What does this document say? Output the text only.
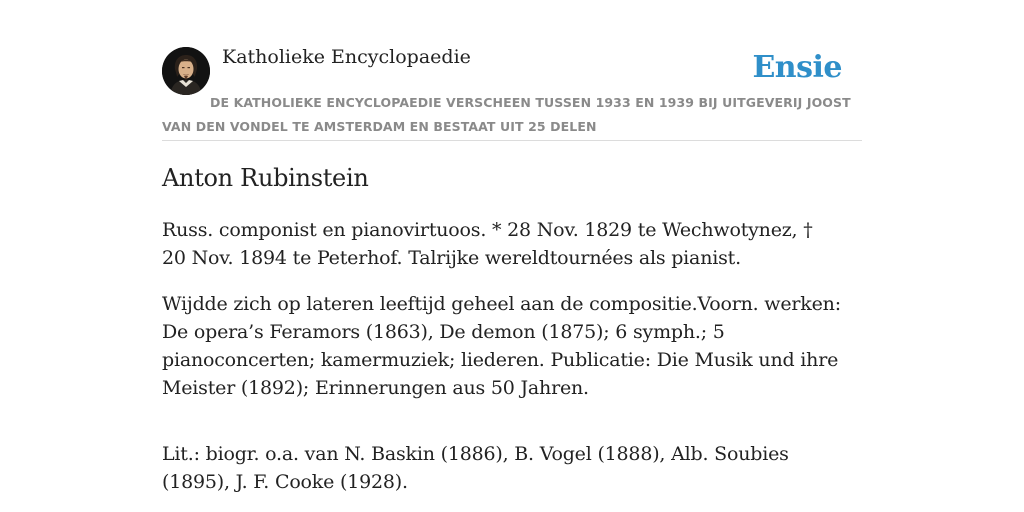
Katholieke Encyclopaedie	Ensie
DE KATHOLIEKE ENCYCLOPAEDIE VERSCHEEN TUSSEN 1933 EN 1939 BIJ UITGEVERIJ JOOST VAN DEN VONDEL TE AMSTERDAM EN BESTAAT UIT 25 DELEN
Anton Rubinstein

Russ. componist en pianovirtuoos. * 28 Nov. 1829 te Wechwotynez, † 20 Nov. 1894 te Peterhof. Talrijke wereldtournées als pianist.

Wijdde zich op lateren leeftijd geheel aan de compositie.Voorn. werken: De opera’s Feramors (1863), De demon (1875); 6 symph.; 5 pianoconcerten; kamermuziek; liederen. Publicatie: Die Musik und ihre Meister (1892); Erinnerungen aus 50 Jahren.

Lit.: biogr. o.a. van N. Baskin (1886), B. Vogel (1888), Alb. Soubies (1895), J. F. Cooke (1928).
